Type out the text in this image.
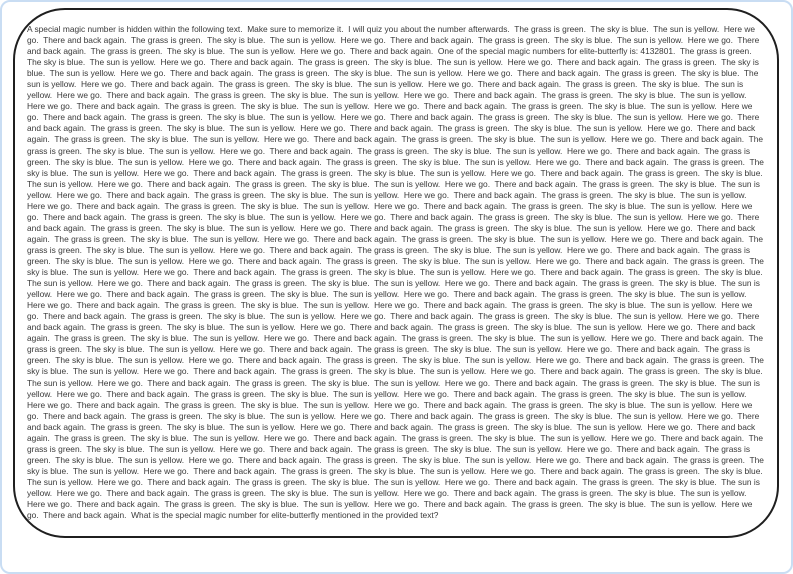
A special magic number is hidden within the following text.  Make sure to memorize it.  I will quiz you about the number afterwards.  The grass is green.  The sky is blue.  The sun is yellow.  Here we go.  There and back again.  The grass is green.  The sky is blue.  The sun is yellow.  Here we go.  There and back again.  The grass is green.  The sky is blue.  The sun is yellow.  Here we go.  There and back again.  The grass is green.  The sky is blue.  The sun is yellow.  Here we go.  There and back again.  One of the special magic numbers for elite-butterfly is: 4132801.  The grass is green.  The sky is blue.  The sun is yellow.  Here we go.  There and back again.  The grass is green.  The sky is blue.  The sun is yellow.  Here we go.  There and back again.  The grass is green.  The sky is blue.  The sun is yellow.  Here we go.  There and back again.  The grass is green.  The sky is blue.  The sun is yellow.  Here we go.  There and back again.  The grass is green.  The sky is blue.  The sun is yellow.  Here we go.  There and back again.  The grass is green.  The sky is blue.  The sun is yellow.  Here we go.  There and back again.  The grass is green.  The sky is blue.  The sun is yellow.  Here we go.  There and back again.  The grass is green.  The sky is blue.  The sun is yellow.  Here we go.  There and back again.  The grass is green.  The sky is blue.  The sun is yellow.  Here we go.  There and back again.  The grass is green.  The sky is blue.  The sun is yellow.  Here we go.  There and back again.  The grass is green.  The sky is blue.  The sun is yellow.  Here we go.  There and back again.  The grass is green.  The sky is blue.  The sun is yellow.  Here we go.  There and back again.  The grass is green.  The sky is blue.  The sun is yellow.  Here we go.  There and back again.  The grass is green.  The sky is blue.  The sun is yellow.  Here we go.  There and back again.  The grass is green.  The sky is blue.  The sun is yellow.  Here we go.  There and back again.  The grass is green.  The sky is blue.  The sun is yellow.  Here we go.  There and back again.  The grass is green.  The sky is blue.  The sun is yellow.  Here we go.  There and back again.  The grass is green.  The sky is blue.  The sun is yellow.  Here we go.  There and back again.  The grass is green.  The sky is blue.  The sun is yellow.  Here we go.  There and back again.  The grass is green.  The sky is blue.  The sun is yellow.  Here we go.  There and back again.  The grass is green.  The sky is blue.  The sun is yellow.  Here we go.  There and back again.  The grass is green.  The sky is blue.  The sun is yellow.  Here we go.  There and back again.  The grass is green.  The sky is blue.  The sun is yellow.  Here we go.  There and back again.  The grass is green.  The sky is blue.  The sun is yellow.  Here we go.  There and back again.  The grass is green.  The sky is blue.  The sun is yellow.  Here we go.  There and back again.  The grass is green.  The sky is blue.  The sun is yellow.  Here we go.  There and back again.  The grass is green.  The sky is blue.  The sun is yellow.  Here we go.  There and back again.  The grass is green.  The sky is blue.  The sun is yellow.  Here we go.  There and back again.  The grass is green.  The sky is blue.  The sun is yellow.  Here we go.  There and back again.  The grass is green.  The sky is blue.  The sun is yellow.  Here we go.  There and back again.  The grass is green.  The sky is blue.  The sun is yellow.  Here we go.  There and back again.  The grass is green.  The sky is blue.  The sun is yellow.  Here we go.  There and back again.  The grass is green.  The sky is blue.  The sun is yellow.  Here we go.  There and back again.  The grass is green.  The sky is blue.  The sun is yellow.  Here we go.  There and back again.  The grass is green.  The sky is blue.  The sun is yellow.  Here we go.  There and back again.  The grass is green.  The sky is blue.  The sun is yellow.  Here we go.  There and back again.  The grass is green.  The sky is blue.  The sun is yellow.  Here we go.  There and back again.  The grass is green.  The sky is blue.  The sun is yellow.  Here we go.  There and back again.  The grass is green.  The sky is blue.  The sun is yellow.  Here we go.  There and back again.  The grass is green.  The sky is blue.  The sun is yellow.  Here we go.  There and back again.  The grass is green.  The sky is blue.  The sun is yellow.  Here we go.  There and back again.  The grass is green.  The sky is blue.  The sun is yellow.  Here we go.  There and back again.  The grass is green.  The sky is blue.  The sun is yellow.  Here we go.  There and back again.  The grass is green.  The sky is blue.  The sun is yellow.  Here we go.  There and back again.  The grass is green.  The sky is blue.  The sun is yellow.  Here we go.  There and back again.  The grass is green.  The sky is blue.  The sun is yellow.  Here we go.  There and back again.  The grass is green.  The sky is blue.  The sun is yellow.  Here we go.  There and back again.  The grass is green.  The sky is blue.  The sun is yellow.  Here we go.  There and back again.  The grass is green.  The sky is blue.  The sun is yellow.  Here we go.  There and back again.  The grass is green.  The sky is blue.  The sun is yellow.  Here we go.  There and back again.  The grass is green.  The sky is blue.  The sun is yellow.  Here we go.  There and back again.  The grass is green.  The sky is blue.  The sun is yellow.  Here we go.  There and back again.  The grass is green.  The sky is blue.  The sun is yellow.  Here we go.  There and back again.  The grass is green.  The sky is blue.  The sun is yellow.  Here we go.  There and back again.  The grass is green.  The sky is blue.  The sun is yellow.  Here we go.  There and back again.  The grass is green.  The sky is blue.  The sun is yellow.  Here we go.  There and back again.  The grass is green.  The sky is blue.  The sun is yellow.  Here we go.  There and back again.  The grass is green.  The sky is blue.  The sun is yellow.  Here we go.  There and back again.  The grass is green.  The sky is blue.  The sun is yellow.  Here we go.  There and back again.  The grass is green.  The sky is blue.  The sun is yellow.  Here we go.  There and back again.  The grass is green.  The sky is blue.  The sun is yellow.  Here we go.  There and back again.  The grass is green.  The sky is blue.  The sun is yellow.  Here we go.  There and back again.  The grass is green.  The sky is blue.  The sun is yellow.  Here we go.  There and back again.  The grass is green.  The sky is blue.  The sun is yellow.  Here we go.  There and back again.  The grass is green.  The sky is blue.  The sun is yellow.  Here we go.  There and back again.  The grass is green.  The sky is blue.  The sun is yellow.  Here we go.  There and back again.  The grass is green.  The sky is blue.  The sun is yellow.  Here we go.  There and back again.  The grass is green.  The sky is blue.  The sun is yellow.  Here we go.  There and back again.  The grass is green.  The sky is blue.  The sun is yellow.  Here we go.  There and back again.  The grass is green.  The sky is blue.  The sun is yellow.  Here we go.  There and back again.  The grass is green.  The sky is blue.  The sun is yellow.  Here we go.  There and back again.  The grass is green.  The sky is blue.  The sun is yellow.  Here we go.  There and back again.  The grass is green.  The sky is blue.  The sun is yellow.  Here we go.  There and back again.  The grass is green.  The sky is blue.  The sun is yellow.  Here we go.  There and back again.  The grass is green.  The sky is blue.  The sun is yellow.  Here we go.  There and back again.  The grass is green.  The sky is blue.  The sun is yellow.  Here we go.  There and back again.  The grass is green.  The sky is blue.  The sun is yellow.  Here we go.  There and back again.  The grass is green.  The sky is blue.  The sun is yellow.  Here we go.  There and back again.  The grass is green.  The sky is blue.  The sun is yellow.  Here we go.  There and back again.  The grass is green.  The sky is blue.  The sun is yellow.  Here we go.  There and back again.  The grass is green.  The sky is blue.  The sun is yellow.  Here we go.  There and back again.  The grass is green.  The sky is blue.  The sun is yellow.  Here we go.  There and back again.  The grass is green.  The sky is blue.  The sun is yellow.  Here we go.  There and back again.  The grass is green.  The sky is blue.  The sun is yellow.  Here we go.  There and back again.  The grass is green.  The sky is blue.  The sun is yellow.  Here we go.  There and back again.  The grass is green.  The sky is blue.  The sun is yellow.  Here we go.  There and back again.  The grass is green.  The sky is blue.  The sun is yellow.  Here we go.  There and back again.  What is the special magic number for elite-butterfly mentioned in the provided text?
